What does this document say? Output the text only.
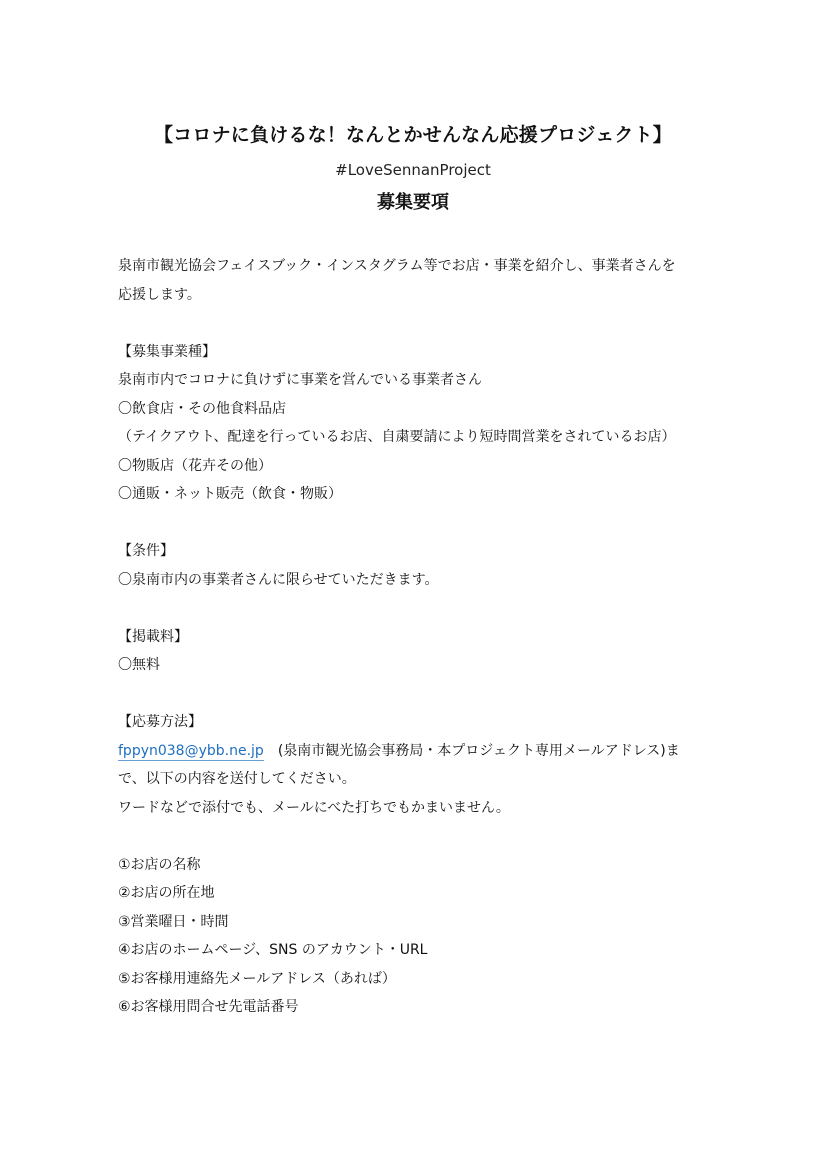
【コロナに負けるな！なんとかせんなん応援プロジェクト】
#LoveSennanProject
募集要項
泉南市観光協会フェイスブック・インスタグラム等でお店・事業を紹介し、事業者さんを
応援します。
【募集事業種】
泉南市内でコロナに負けずに事業を営んでいる事業者さん
〇飲食店・その他食料品店
（テイクアウト、配達を行っているお店、自粛要請により短時間営業をされているお店）
〇物販店（花卉その他）
〇通販・ネット販売（飲食・物販）
【条件】
〇泉南市内の事業者さんに限らせていただきます。
【掲載料】
〇無料
【応募方法】
fppyn038@ybb.ne.jp (泉南市観光協会事務局・本プロジェクト専用メールアドレス)ま
で、以下の内容を送付してください。
ワードなどで添付でも、メールにべた打ちでもかまいません。
①お店の名称
②お店の所在地
③営業曜日・時間
④お店のホームページ、SNS のアカウント・URL
⑤お客様用連絡先メールアドレス（あれば）
⑥お客様用問合せ先電話番号
